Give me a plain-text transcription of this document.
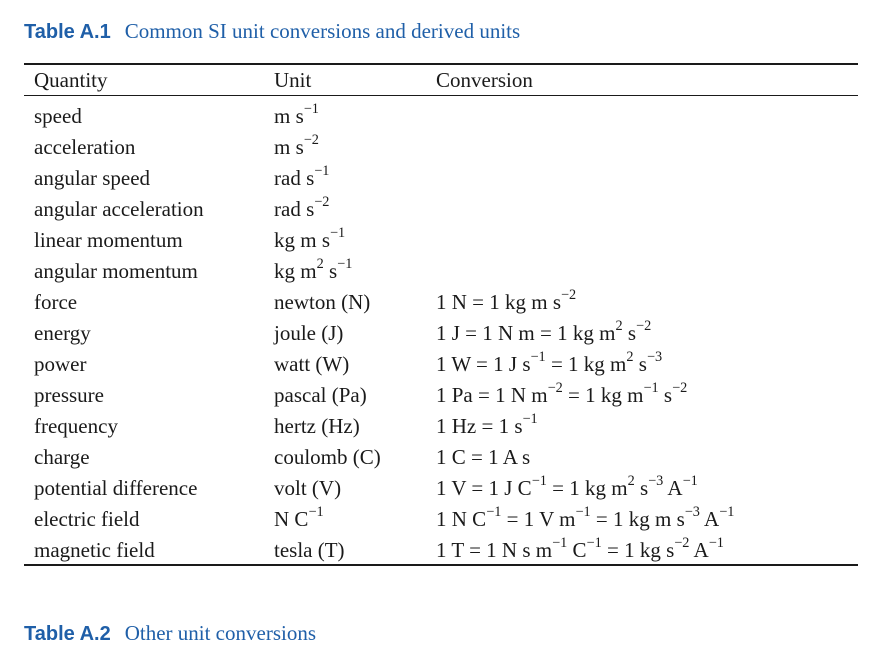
Table A.1 Common SI unit conversions and derived units
Quantity	Unit	Conversion
speed	m $s^{-1}$	
acceleration	m $s^{-2}$	
angular speed	rad $s^{-1}$	
angular acceleration	rad $s^{-2}$	
linear momentum	kg m $s^{-1}$	
angular momentum	kg $m^2$ $s^{-1}$	
force	newton (N)	1 N = 1 kg m $s^{-2}$
energy	joule (J)	1 J = 1 N m = 1 kg $m^2$ $s^{-2}$
power	watt (W)	1 W = 1 J $s^{-1} = 1$ kg $m^2$ $s^{-3}$
pressure	pascal (Pa)	1 Pa = 1 N $m^{-2} = 1$ kg $m^{-1}$ $s^{-2}$
frequency	hertz (Hz)	1 Hz = 1 $s^{-1}$
charge	coulomb (C)	1 C = 1 A s
potential difference	volt (V)	1 V = 1 J $C^{-1} = 1$ kg $m^2$ $s^{-3}$ $A^{-1}$
electric field	N $C^{-1}$	1 N $C^{-1} = 1$ V $m^{-1} = 1$ kg m $s^{-3}$ $A^{-1}$
magnetic field	tesla (T)	1 T = 1 N s $m^{-1}$ $C^{-1} = 1$ kg $s^{-2}$ $A^{-1}$
Table A.2 Other unit conversions
